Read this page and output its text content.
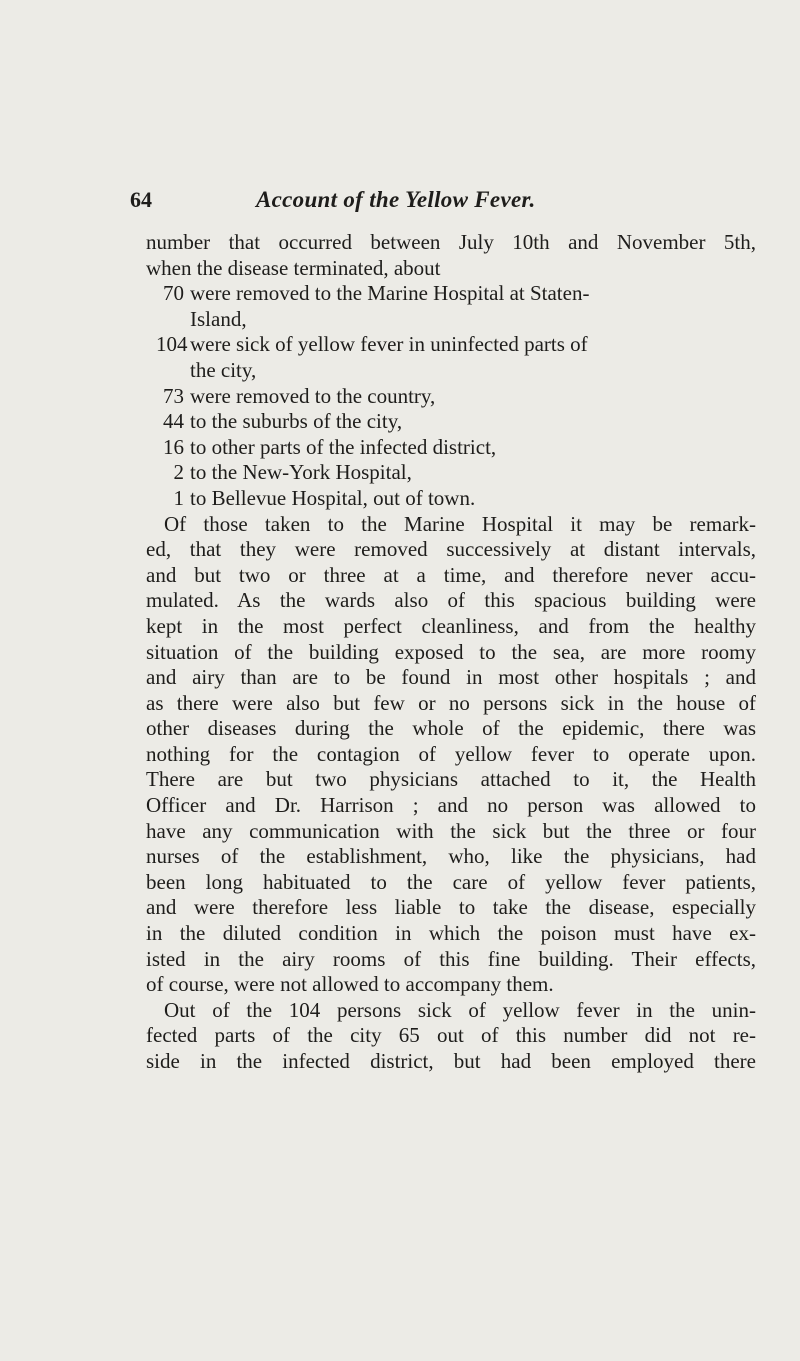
64	Account of the Yellow Fever.
number that occurred between July 10th and November 5th,
when the disease terminated, about
70 were removed to the Marine Hospital at Staten-
Island,
104 were sick of yellow fever in uninfected parts of
the city,
73 were removed to the country,
44 to the suburbs of the city,
16 to other parts of the infected district,
2 to the New-York Hospital,
1 to Bellevue Hospital, out of town.
Of those taken to the Marine Hospital it may be remark-
ed, that they were removed successively at distant intervals,
and but two or three at a time, and therefore never accu-
mulated. As the wards also of this spacious building were
kept in the most perfect cleanliness, and from the healthy
situation of the building exposed to the sea, are more roomy
and airy than are to be found in most other hospitals ; and
as there were also but few or no persons sick in the house of
other diseases during the whole of the epidemic, there was
nothing for the contagion of yellow fever to operate upon.
There are but two physicians attached to it, the Health
Officer and Dr. Harrison ; and no person was allowed to
have any communication with the sick but the three or four
nurses of the establishment, who, like the physicians, had
been long habituated to the care of yellow fever patients,
and were therefore less liable to take the disease, especially
in the diluted condition in which the poison must have ex-
isted in the airy rooms of this fine building. Their effects,
of course, were not allowed to accompany them.
Out of the 104 persons sick of yellow fever in the unin-
fected parts of the city 65 out of this number did not re-
side in the infected district, but had been employed there
